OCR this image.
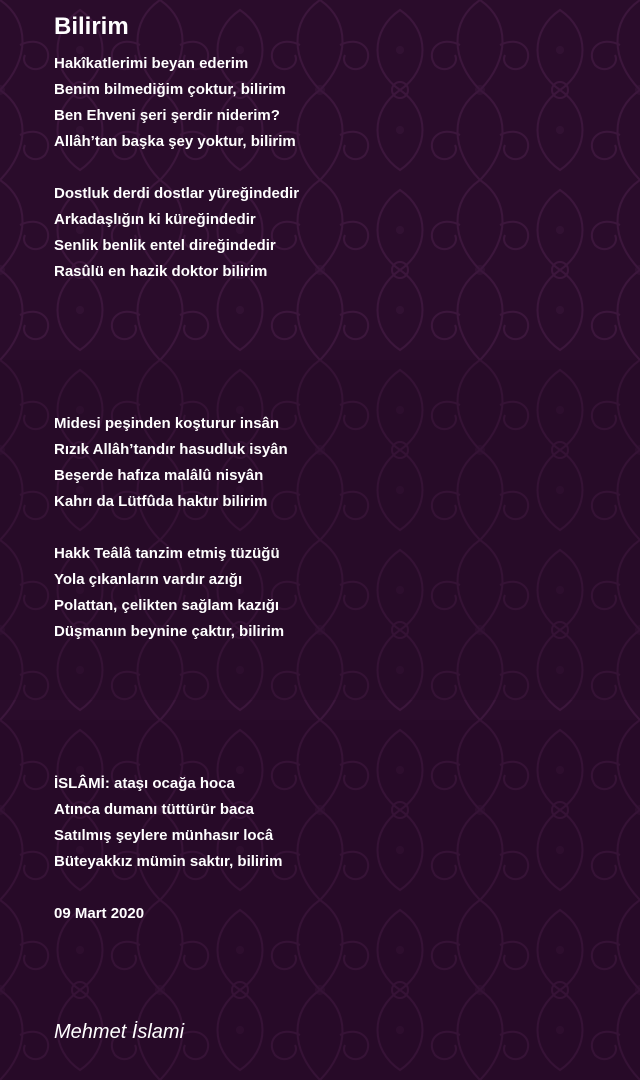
Bilirim
Hakîkatlerimi beyan ederim
Benim bilmediğim çoktur, bilirim
Ben Ehveni şeri şerdir niderim?
Allâh’tan başka şey yoktur, bilirim
Dostluk derdi dostlar yüreğindedir
Arkadaşlığın ki küreğindedir
Senlik benlik entel direğindedir
Rasûlü en hazik doktor bilirim
Midesi peşinden koşturur insân
Rızık Allâh’tandır hasudluk isyân
Beşerde hafıza malâlû nisyân
Kahrı da Lütfûda haktır bilirim
Hakk Teâlâ tanzim etmiş tüzüğü
Yola çıkanların vardır azığı
Polattan, çelikten sağlam kazığı
Düşmanın beynine çaktır, bilirim
İSLÂMİ: ataşı ocağa hoca
Atınca dumanı tüttürür baca
Satılmış şeylere münhasır locâ
Büteyakkız mümin saktır, bilirim
09 Mart 2020
Mehmet İslami
